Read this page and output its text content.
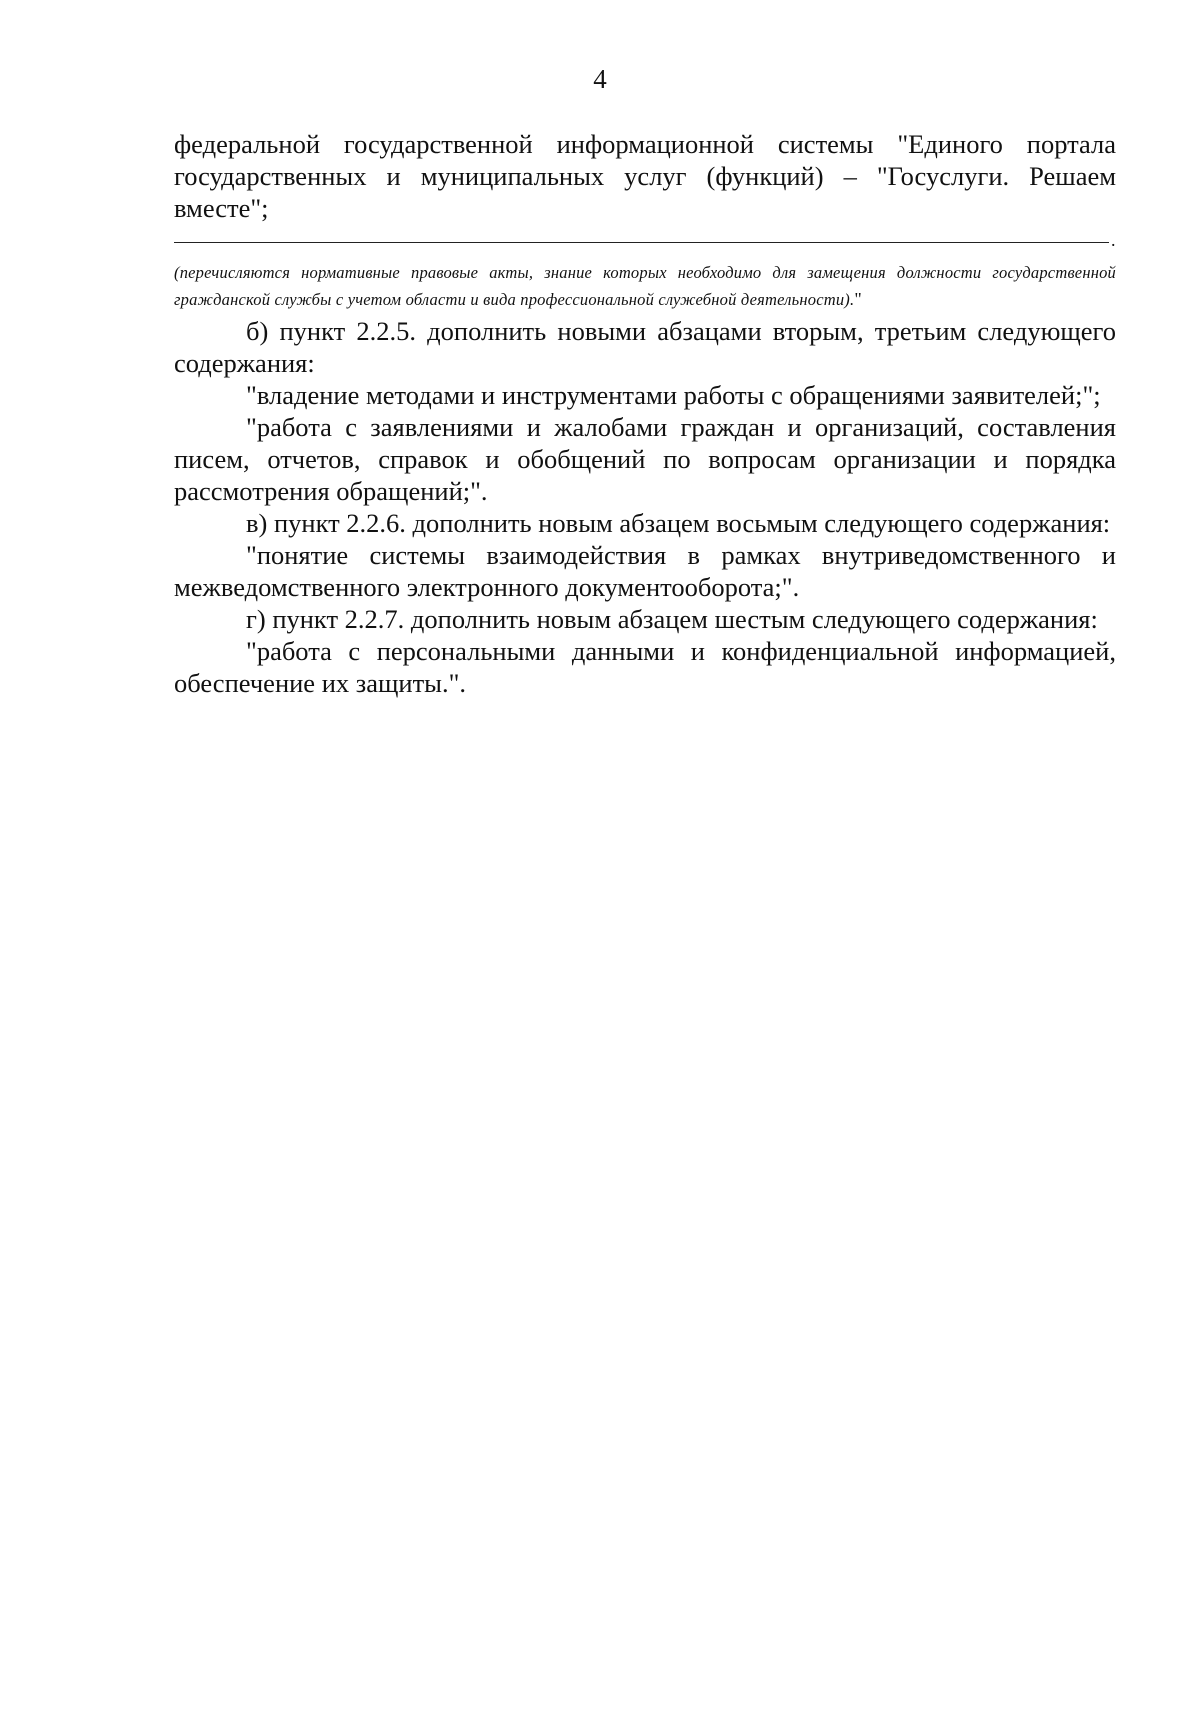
4

федеральной государственной информационной системы "Единого портала государственных и муниципальных услуг (функций) – "Госуслуги. Решаем вместе";

.

(перечисляются нормативные правовые акты, знание которых необходимо для замещения должности государственной гражданской службы с учетом области и вида профессиональной служебной деятельности)."

б) пункт 2.2.5. дополнить новыми абзацами вторым, третьим следующего содержания:

"владение методами и инструментами работы с обращениями заявителей;";

"работа с заявлениями и жалобами граждан и организаций, составления писем, отчетов, справок и обобщений по вопросам организации и порядка рассмотрения обращений;".

в) пункт 2.2.6. дополнить новым абзацем восьмым следующего содержания:

"понятие системы взаимодействия в рамках внутриведомственного и межведомственного электронного документооборота;".

г) пункт 2.2.7. дополнить новым абзацем шестым следующего содержания:

"работа с персональными данными и конфиденциальной информацией, обеспечение их защиты.".
